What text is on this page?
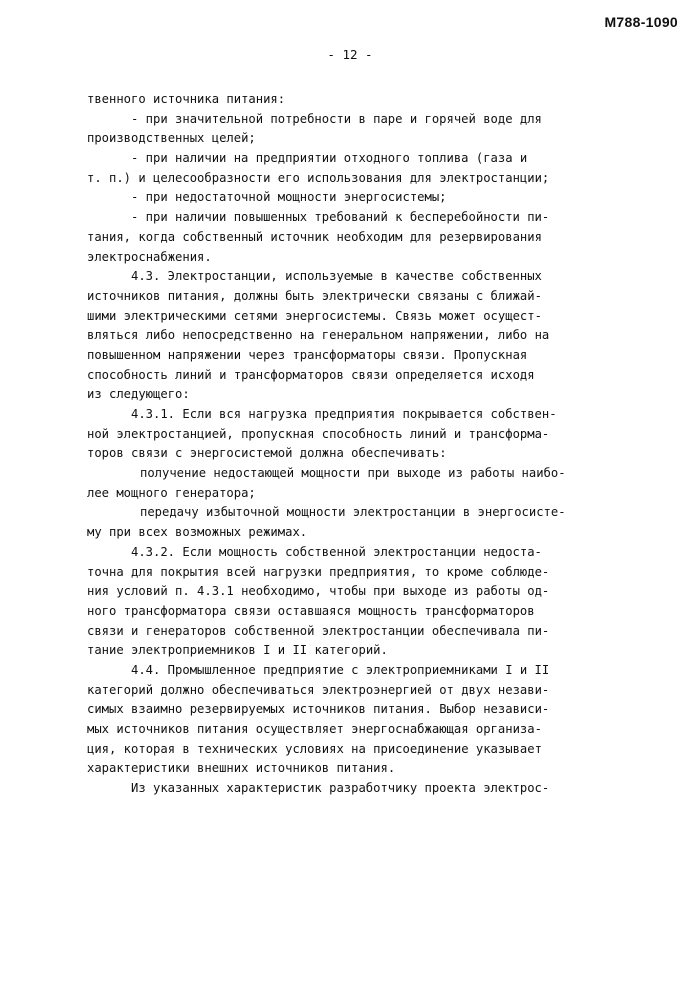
М788-1090
- 12 -
твенного источника питания:
- при значительной потребности в паре и горячей воде для
производственных целей;
- при наличии на предприятии отходного топлива (газа и
т. п.) и целесообразности его использования для электростанции;
- при недостаточной мощности энергосистемы;
- при наличии повышенных требований к бесперебойности пи-
тания, когда собственный источник необходим для резервирования
электроснабжения.
4.3. Электростанции, используемые в качестве собственных
источников питания, должны быть электрически связаны с ближай-
шими электрическими сетями энергосистемы. Связь может осущест-
вляться либо непосредственно на генеральном напряжении, либо на
повышенном напряжении через трансформаторы связи. Пропускная
способность линий и трансформаторов связи определяется исходя
из следующего:
4.3.1. Если вся нагрузка предприятия покрывается собствен-
ной электростанцией, пропускная способность линий и трансформа-
торов связи с энергосистемой должна обеспечивать:
получение недостающей мощности при выходе из работы наибо-
лее мощного генератора;
передачу избыточной мощности электростанции в энергосисте-
му при всех возможных режимах.
4.3.2. Если мощность собственной электростанции недоста-
точна для покрытия всей нагрузки предприятия, то кроме соблюде-
ния условий п. 4.3.1 необходимо, чтобы при выходе из работы од-
ного трансформатора связи оставшаяся мощность трансформаторов
связи и генераторов собственной электростанции обеспечивала пи-
тание электроприемников I и II категорий.
4.4. Промышленное предприятие с электроприемниками I и II
категорий должно обеспечиваться электроэнергией от двух незави-
симых взаимно резервируемых источников питания. Выбор независи-
мых источников питания осуществляет энергоснабжающая организа-
ция, которая в технических условиях на присоединение указывает
характеристики внешних источников питания.
Из указанных характеристик разработчику проекта электрос-
